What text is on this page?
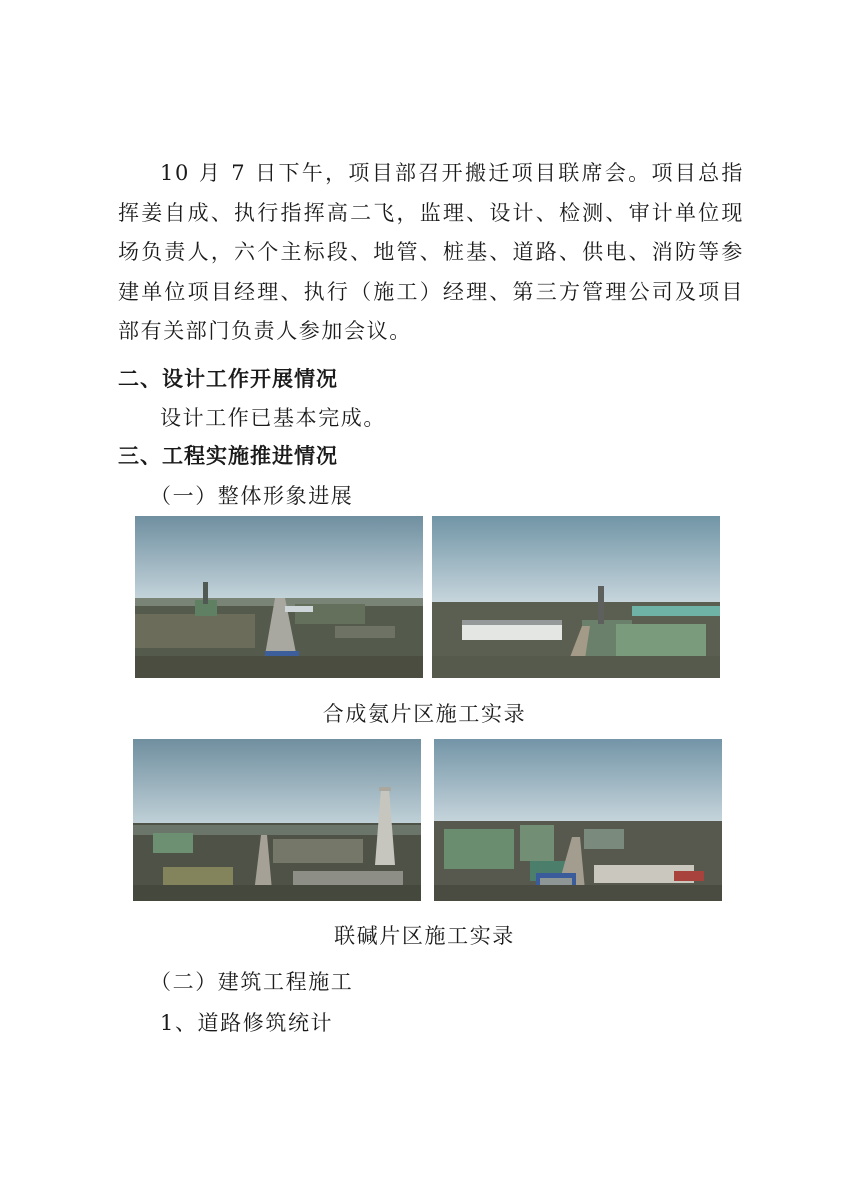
10 月 7 日下午，项目部召开搬迁项目联席会。项目总指挥姜自成、执行指挥高二飞，监理、设计、检测、审计单位现场负责人，六个主标段、地管、桩基、道路、供电、消防等参建单位项目经理、执行（施工）经理、第三方管理公司及项目部有关部门负责人参加会议。

二、设计工作开展情况
设计工作已基本完成。
三、工程实施推进情况
（一）整体形象进展
合成氨片区施工实录
联碱片区施工实录
（二）建筑工程施工
1、道路修筑统计
